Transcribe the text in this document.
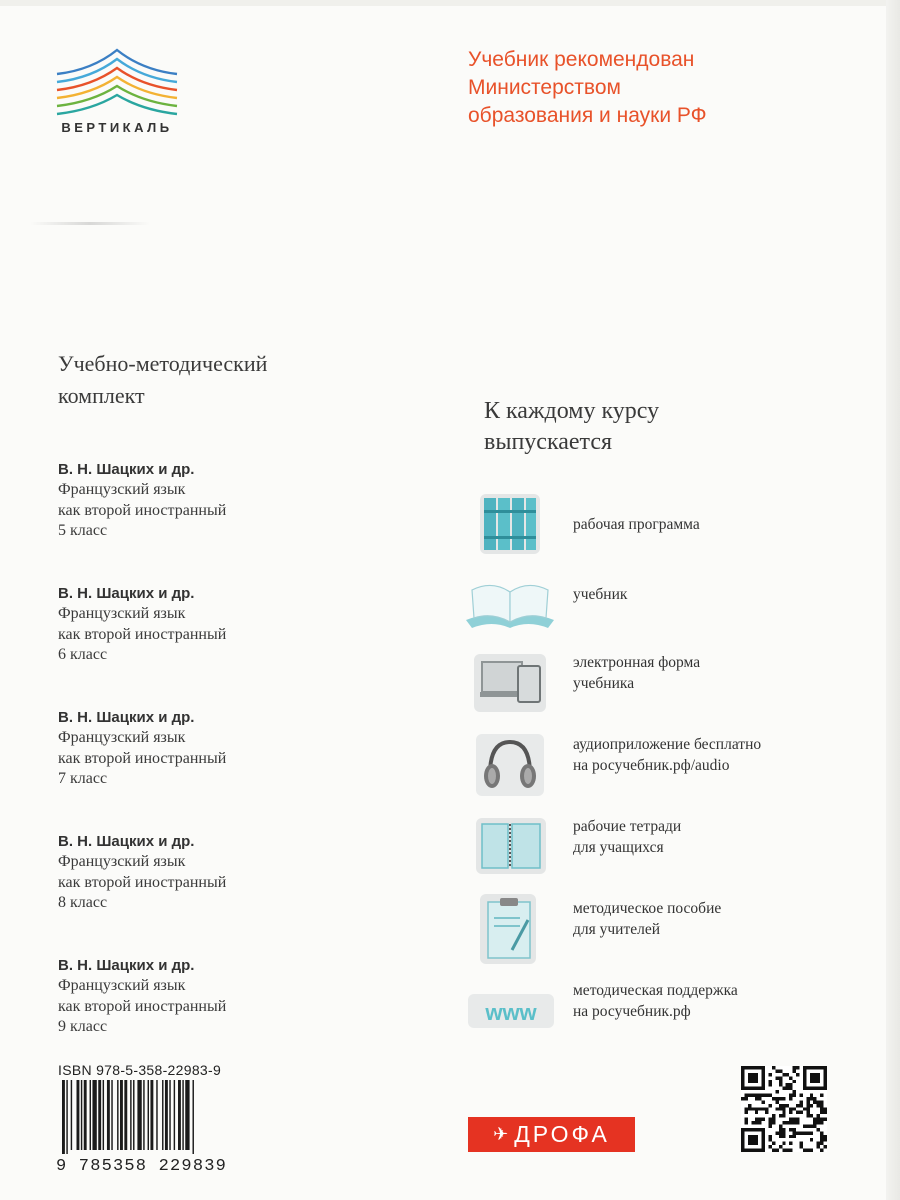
ВЕРТИКАЛЬ
Учебник рекомендован
Министерством
образования и науки РФ
Учебно-методический
комплект
В. Н. Шацких и др.
Французский язык
как второй иностранный
5 класс
В. Н. Шацких и др.
Французский язык
как второй иностранный
6 класс
В. Н. Шацких и др.
Французский язык
как второй иностранный
7 класс
В. Н. Шацких и др.
Французский язык
как второй иностранный
8 класс
В. Н. Шацких и др.
Французский язык
как второй иностранный
9 класс
К каждому курсу
выпускается
рабочая программа
учебник
электронная форма
учебника
аудиоприложение бесплатно
на росучебник.рф/audio
рабочие тетради
для учащихся
методическое пособие
для учителей
www
методическая поддержка
на росучебник.рф
ISBN 978-5-358-22983-9
9 785358 229839
✈ ДРОФА
